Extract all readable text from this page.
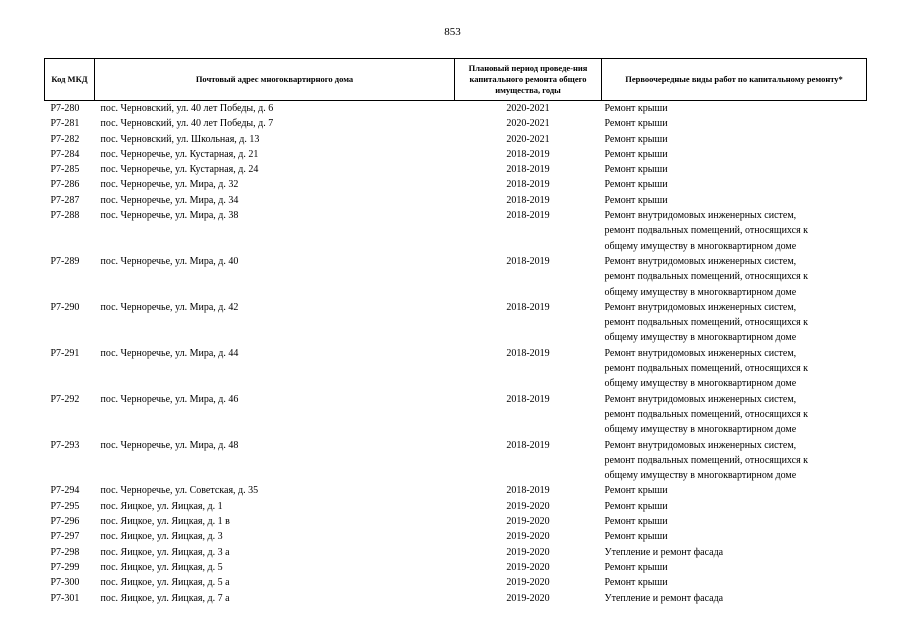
853
Код МКД	Почтовый адрес многоквартирного дома	Плановый период проведе-ния капитального ремонта общего имущества, годы	Первоочередные виды работ по капитальному ремонту*
Р7-280	пос. Черновский, ул. 40 лет Победы, д. 6	2020-2021	Ремонт крыши

Р7-281	пос. Черновский, ул. 40 лет Победы, д. 7	2020-2021	Ремонт крыши

Р7-282	пос. Черновский, ул. Школьная, д. 13	2020-2021	Ремонт крыши

Р7-284	пос. Черноречье, ул. Кустарная, д. 21	2018-2019	Ремонт крыши

Р7-285	пос. Черноречье, ул. Кустарная, д. 24	2018-2019	Ремонт крыши

Р7-286	пос. Черноречье, ул. Мира, д. 32	2018-2019	Ремонт крыши

Р7-287	пос. Черноречье, ул. Мира, д. 34	2018-2019	Ремонт крыши

Р7-288	пос. Черноречье, ул. Мира, д. 38	2018-2019	Ремонт внутридомовых инженерных систем,
ремонт подвальных помещений, относящихся к
общему имуществу в многоквартирном доме

Р7-289	пос. Черноречье, ул. Мира, д. 40	2018-2019	Ремонт внутридомовых инженерных систем,
ремонт подвальных помещений, относящихся к
общему имуществу в многоквартирном доме

Р7-290	пос. Черноречье, ул. Мира, д. 42	2018-2019	Ремонт внутридомовых инженерных систем,
ремонт подвальных помещений, относящихся к
общему имуществу в многоквартирном доме

Р7-291	пос. Черноречье, ул. Мира, д. 44	2018-2019	Ремонт внутридомовых инженерных систем,
ремонт подвальных помещений, относящихся к
общему имуществу в многоквартирном доме

Р7-292	пос. Черноречье, ул. Мира, д. 46	2018-2019	Ремонт внутридомовых инженерных систем,
ремонт подвальных помещений, относящихся к
общему имуществу в многоквартирном доме

Р7-293	пос. Черноречье, ул. Мира, д. 48	2018-2019	Ремонт внутридомовых инженерных систем,
ремонт подвальных помещений, относящихся к
общему имуществу в многоквартирном доме

Р7-294	пос. Черноречье, ул. Советская, д. 35	2018-2019	Ремонт крыши

Р7-295	пос. Яицкое, ул. Яицкая, д. 1	2019-2020	Ремонт крыши

Р7-296	пос. Яицкое, ул. Яицкая, д. 1 в	2019-2020	Ремонт крыши

Р7-297	пос. Яицкое, ул. Яицкая, д. 3	2019-2020	Ремонт крыши

Р7-298	пос. Яицкое, ул. Яицкая, д. 3 а	2019-2020	Утепление и ремонт фасада

Р7-299	пос. Яицкое, ул. Яицкая, д. 5	2019-2020	Ремонт крыши

Р7-300	пос. Яицкое, ул. Яицкая, д. 5 а	2019-2020	Ремонт крыши

Р7-301	пос. Яицкое, ул. Яицкая, д. 7 а	2019-2020	Утепление и ремонт фасада
